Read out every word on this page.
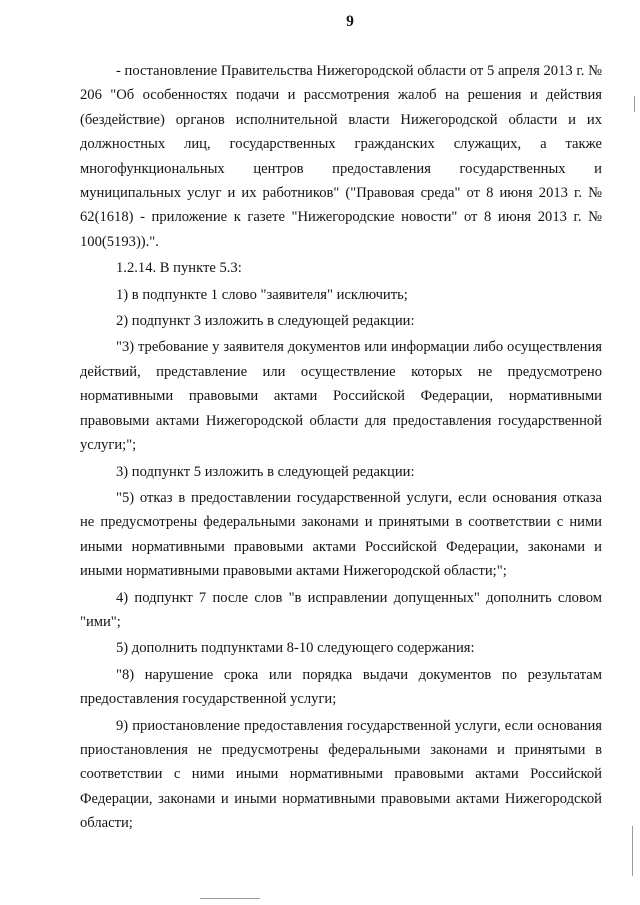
9

- постановление Правительства Нижегородской области от 5 апреля 2013 г. № 206 "Об особенностях подачи и рассмотрения жалоб на решения и действия (бездействие) органов исполнительной власти Нижегородской области и их должностных лиц, государственных гражданских служащих, а также многофункциональных центров предоставления государственных и муниципальных услуг и их работников" ("Правовая среда" от 8 июня 2013 г. № 62(1618) - приложение к газете "Нижегородские новости" от 8 июня 2013 г. № 100(5193)).".

1.2.14. В пункте 5.3:

1) в подпункте 1 слово "заявителя" исключить;

2) подпункт 3 изложить в следующей редакции:

"3) требование у заявителя документов или информации либо осуществления действий, представление или осуществление которых не предусмотрено нормативными правовыми актами Российской Федерации, нормативными правовыми актами Нижегородской области для предоставления государственной услуги;";

3) подпункт 5 изложить в следующей редакции:

"5) отказ в предоставлении государственной услуги, если основания отказа не предусмотрены федеральными законами и принятыми в соответствии с ними иными нормативными правовыми актами Российской Федерации, законами и иными нормативными правовыми актами Нижегородской области;";

4) подпункт 7 после слов "в исправлении допущенных" дополнить словом "ими";

5) дополнить подпунктами 8-10 следующего содержания:

"8) нарушение срока или порядка выдачи документов по результатам предоставления государственной услуги;

9) приостановление предоставления государственной услуги, если основания приостановления не предусмотрены федеральными законами и принятыми в соответствии с ними иными нормативными правовыми актами Российской Федерации, законами и иными нормативными правовыми актами Нижегородской области;
